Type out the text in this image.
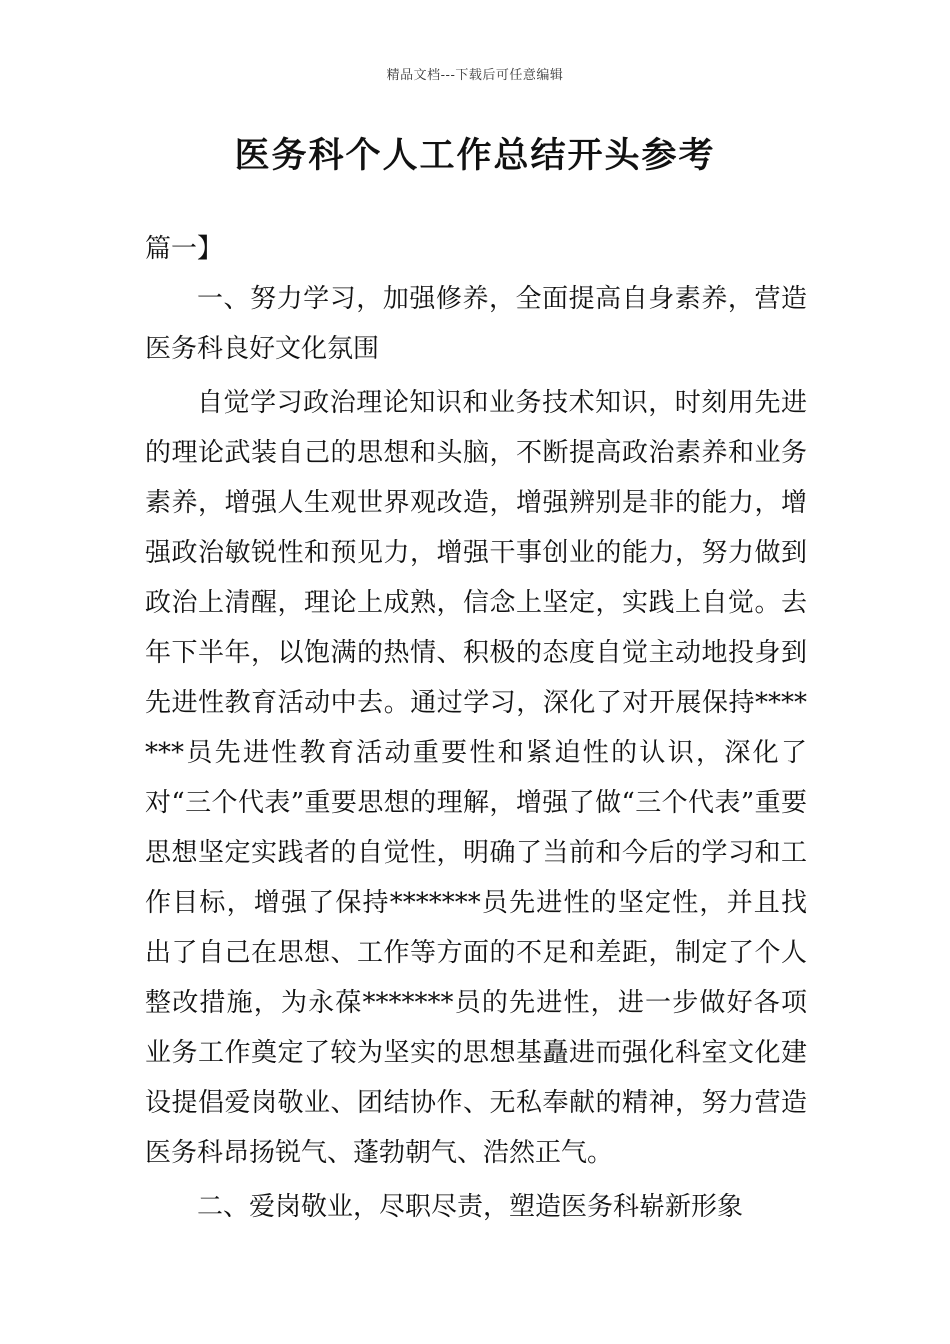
精品文档---下载后可任意编辑
医务科个人工作总结开头参考

篇一】

一、努力学习，加强修养，全面提高自身素养，营造医务科良好文化氛围

自觉学习政治理论知识和业务技术知识，时刻用先进的理论武装自己的思想和头脑，不断提高政治素养和业务素养，增强人生观世界观改造，增强辨别是非的能力，增强政治敏锐性和预见力，增强干事创业的能力，努力做到政治上清醒，理论上成熟，信念上坚定，实践上自觉。去年下半年，以饱满的热情、积极的态度自觉主动地投身到先进性教育活动中去。通过学习，深化了对开展保持*******员先进性教育活动重要性和紧迫性的认识，深化了对“三个代表”重要思想的理解，增强了做“三个代表”重要思想坚定实践者的自觉性，明确了当前和今后的学习和工作目标，增强了保持*******员先进性的坚定性，并且找出了自己在思想、工作等方面的不足和差距，制定了个人整改措施，为永葆*******员的先进性，进一步做好各项业务工作奠定了较为坚实的思想基矗进而强化科室文化建设提倡爱岗敬业、团结协作、无私奉献的精神，努力营造医务科昂扬锐气、蓬勃朝气、浩然正气。

二、爱岗敬业，尽职尽责，塑造医务科崭新形象
